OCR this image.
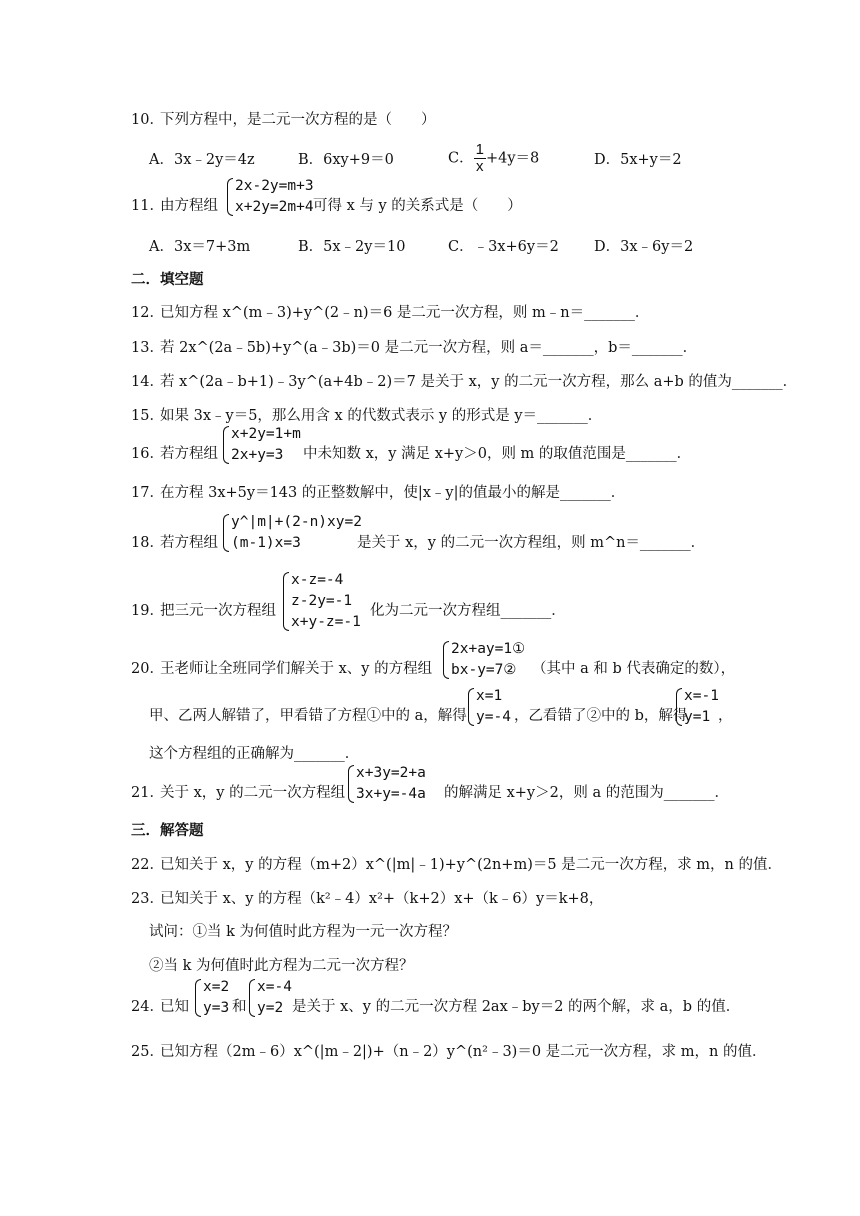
10．
下列方程中，是二元一次方程的是（　　）
A．3x﹣2y＝4z	B．6xy+9＝0	C． $\frac{1}{x} +4y=8$	D．5x+y＝2
11．
由方程组
2x-2y=m+3
x+2y=2m+4 可得 x 与 y 的关系式是（　　）
A．3x＝7+3m	B．5x﹣2y＝10	C．﹣3x+6y＝2 D．3x﹣6y＝2
二．填空题
12．
已知方程 x^(m﹣3)+y^(2﹣n)＝6 是二元一次方程，则 m﹣n＝_______．
13．
若 2x^(2a﹣5b)+y^(a﹣3b)＝0 是二元一次方程，则 a＝_______，b＝_______．
14．
若 x^(2a﹣b+1)﹣3y^(a+4b﹣2)＝7 是关于 x，y 的二元一次方程，那么 a+b 的值为_______．
15．
如果 3x﹣y＝5，那么用含 x 的代数式表示 y 的形式是 y＝_______．
16．
若方程组
x+2y=1+m
2x+y=3	中未知数 x，y 满足 x+y＞0，则 m 的取值范围是_______．
17．
在方程 3x+5y＝143 的正整数解中，使|x﹣y|的值最小的解是_______．
18．
若方程组
y^|m|+(2-n)xy=2
(m-1)x=3	是关于 x，y 的二元一次方程组，则 m^n＝_______．
19．
把三元一次方程组
x-z=-4
z-2y=-1
x+y-z=-1
化为二元一次方程组_______．
20．
王老师让全班同学们解关于 x、y 的方程组
2x+ay=1①
bx-y=7②	（其中 a 和 b 代表确定的数），
甲、乙两人解错了，甲看错了方程①中的 a，解得
x=1
y=-4 ，乙看错了②中的 b，解得
x=-1
y=1 ，
这个方程组的正确解为_______．
21．
关于 x，y 的二元一次方程组
x+3y=2+a
3x+y=-4a 的解满足 x+y＞2，则 a 的范围为_______．
三．解答题
22．
已知关于 x，y 的方程（m+2）x^(|m|﹣1)+y^(2n+m)＝5 是二元一次方程，求 m，n 的值．
23．
已知关于 x、y 的方程（k²﹣4）x²+（k+2）x+（k﹣6）y＝k+8，
试问：①当 k 为何值时此方程为一元一次方程？
②当 k 为何值时此方程为二元一次方程？
24．
已知
x=2
y=3 和
x=-4
y=2 是关于 x、y 的二元一次方程 2ax﹣by＝2 的两个解，求 a，b 的值．
25．
已知方程（2m﹣6）x^(|m﹣2|)+（n﹣2）y^(n²﹣3)＝0 是二元一次方程，求 m，n 的值．
